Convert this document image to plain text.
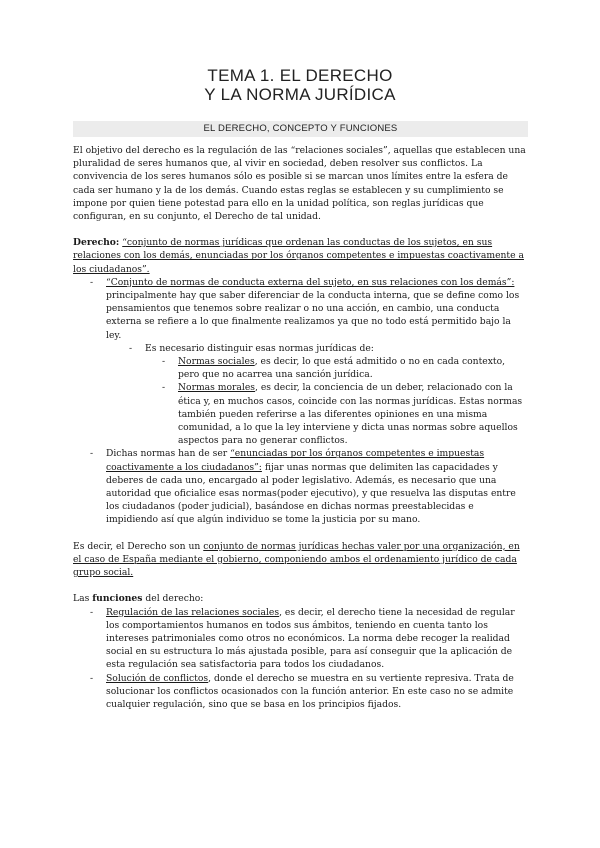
TEMA 1. EL DERECHO
Y LA NORMA JURÍDICA
EL DERECHO, CONCEPTO Y FUNCIONES

El objetivo del derecho es la regulación de las “relaciones sociales”, aquellas que establecen una pluralidad de seres humanos que, al vivir en sociedad, deben resolver sus conflictos. La convivencia de los seres humanos sólo es posible si se marcan unos límites entre la esfera de cada ser humano y la de los demás. Cuando estas reglas se establecen y su cumplimiento se impone por quien tiene potestad para ello en la unidad política, son reglas jurídicas que configuran, en su conjunto, el Derecho de tal unidad.

Derecho: “conjunto de normas jurídicas que ordenan las conductas de los sujetos, en sus relaciones con los demás, enunciadas por los órganos competentes e impuestas coactivamente a los ciudadanos”.

- “Conjunto de normas de conducta externa del sujeto, en sus relaciones con los demás”: principalmente hay que saber diferenciar de la conducta interna, que se define como los pensamientos que tenemos sobre realizar o no una acción, en cambio, una conducta externa se refiere a lo que finalmente realizamos ya que no todo está permitido bajo la ley.
- Es necesario distinguir esas normas jurídicas de:
- Normas sociales, es decir, lo que está admitido o no en cada contexto, pero que no acarrea una sanción jurídica.
- Normas morales, es decir, la conciencia de un deber, relacionado con la ética y, en muchos casos, coincide con las normas jurídicas. Estas normas también pueden referirse a las diferentes opiniones en una misma comunidad, a lo que la ley interviene y dicta unas normas sobre aquellos aspectos para no generar conflictos.
- Dichas normas han de ser “enunciadas por los órganos competentes e impuestas coactivamente a los ciudadanos”: fijar unas normas que delimiten las capacidades y deberes de cada uno, encargado al poder legislativo. Además, es necesario que una autoridad que oficialice esas normas(poder ejecutivo), y que resuelva las disputas entre los ciudadanos (poder judicial), basándose en dichas normas preestablecidas e impidiendo así que algún individuo se tome la justicia por su mano.

Es decir, el Derecho son un conjunto de normas jurídicas hechas valer por una organización, en el caso de España mediante el gobierno, componiendo ambos el ordenamiento jurídico de cada grupo social.

Las funciones del derecho:

- Regulación de las relaciones sociales, es decir, el derecho tiene la necesidad de regular los comportamientos humanos en todos sus ámbitos, teniendo en cuenta tanto los intereses patrimoniales como otros no económicos. La norma debe recoger la realidad social en su estructura lo más ajustada posible, para así conseguir que la aplicación de esta regulación sea satisfactoria para todos los ciudadanos.
- Solución de conflictos, donde el derecho se muestra en su vertiente represiva. Trata de solucionar los conflictos ocasionados con la función anterior. En este caso no se admite cualquier regulación, sino que se basa en los principios fijados.
